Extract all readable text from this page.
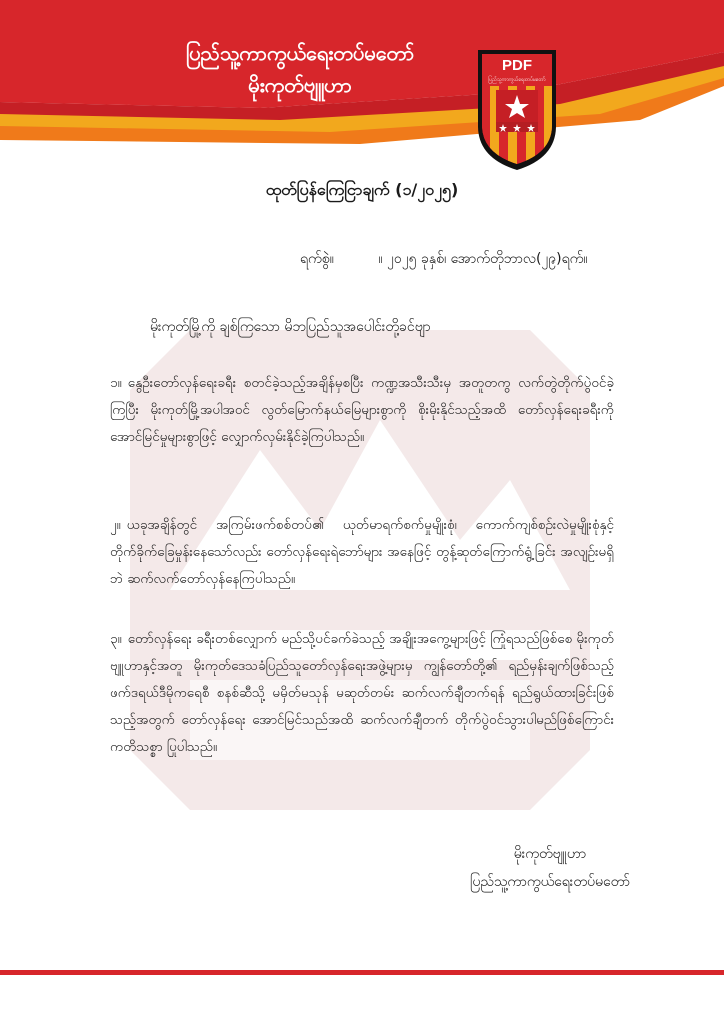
ပြည်သူ့ကာကွယ်ရေးတပ်မတော်
မိုးကုတ်ဗျူဟာ
PDF
ပြည်သူ့ကာကွယ်ရေးတပ်မတော်
ထုတ်ပြန်ကြေငြာချက် (၁/၂၀၂၅)
ရက်စွဲ။	။ ၂၀၂၅ ခုနှစ်၊ အောက်တိုဘာလ(၂၉)ရက်။
မိုးကုတ်မြို့ကို ချစ်ကြသော မိဘပြည်သူအပေါင်းတို့ခင်ဗျာ
၁။ နွေဦးတော်လှန်ရေးခရီး စတင်ခဲ့သည့်အချိန်မှစပြီး ကဏ္ဍအသီးသီးမှ အတူတကွ လက်တွဲတိုက်ပွဲဝင်ခဲ့ကြပြီး မိုးကုတ်မြို့အပါအဝင် လွတ်မြောက်နယ်မြေများစွာကို စိုးမိုးနိုင်သည့်အထိ တော်လှန်ရေးခရီးကို အောင်မြင်မှုများစွာဖြင့် လျှောက်လှမ်းနိုင်ခဲ့ကြပါသည်။
၂။ ယခုအချိန်တွင် အကြမ်းဖက်စစ်တပ်၏ ယုတ်မာရက်စက်မှုမျိုးစုံ၊ ကောက်ကျစ်စဉ်းလဲမှုမျိုးစုံနှင့် တိုက်ခိုက်ခြေမှုန်းနေသော်လည်း တော်လှန်ရေးရဲဘော်များ အနေဖြင့် တွန့်ဆုတ်ကြောက်ရွံ့ခြင်း အလျဉ်းမရှိဘဲ ဆက်လက်တော်လှန်နေကြပါသည်။
၃။ တော်လှန်ရေး ခရီးတစ်လျှောက် မည်သို့ပင်ခက်ခဲသည့် အချိုးအကွေ့များဖြင့် ကြုံရသည်ဖြစ်စေ မိုးကုတ်ဗျူဟာနှင့်အတူ မိုးကုတ်ဒေသခံပြည်သူတော်လှန်ရေးအဖွဲ့များမှ ကျွန်တော်တို့၏ ရည်မှန်းချက်ဖြစ်သည့် ဖက်ဒရယ်ဒီမိုကရေစီ စနစ်ဆီသို့ မမှိတ်မသုန် မဆုတ်တမ်း ဆက်လက်ချီတက်ရန် ရည်ရွယ်ထားခြင်းဖြစ်သည့်အတွက် တော်လှန်ရေး အောင်မြင်သည်အထိ ဆက်လက်ချီတက် တိုက်ပွဲဝင်သွားပါမည်ဖြစ်ကြောင်း ကတိသစ္စာ ပြုပါသည်။
မိုးကုတ်ဗျူဟာ
ပြည်သူ့ကာကွယ်ရေးတပ်မတော်
